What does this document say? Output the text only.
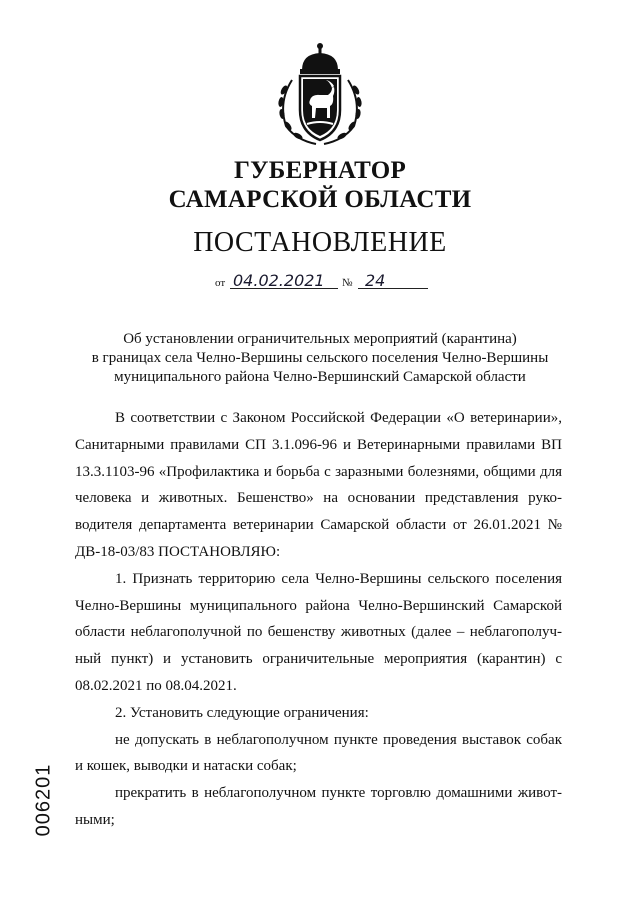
ГУБЕРНАТОР
САМАРСКОЙ ОБЛАСТИ
ПОСТАНОВЛЕНИЕ
от 04.02.2021 № 24
Об установлении ограничительных мероприятий (карантина)
в границах села Челно-Вершины сельского поселения Челно-Вершины
муниципального района Челно-Вершинский Самарской области

В соответствии с Законом Российской Федерации «О ветеринарии», Санитарными правилами СП 3.1.096-96 и Ветеринарными правилами ВП 13.3.1103-96 «Профилактика и борьба с заразными болезнями, общими для человека и животных. Бешенство» на основании представления руководителя департамента ветеринарии Самарской области от 26.01.2021 № ДВ-18-03/83 ПОСТАНОВЛЯЮ:

1. Признать территорию села Челно-Вершины сельского поселения Челно-Вершины муниципального района Челно-Вершинский Самарской области неблагополучной по бешенству животных (далее – неблагополучный пункт) и установить ограничительные мероприятия (карантин) с 08.02.2021 по 08.04.2021.

2. Установить следующие ограничения:

не допускать в неблагополучном пункте проведения выставок собак и кошек, выводки и натаски собак;

прекратить в неблагополучном пункте торговлю домашними животными;

006201
